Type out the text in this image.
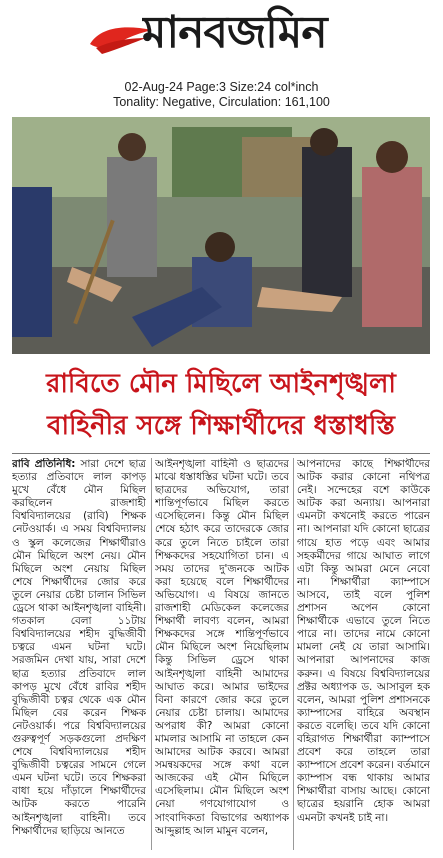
মানবজমিন
02-Aug-24 Page:3 Size:24 col*inch
Tonality: Negative, Circulation: 161,100
রাবিতে মৌন মিছিলে আইনশৃঙ্খলা
বাহিনীর সঙ্গে শিক্ষার্থীদের ধস্তাধস্তি
রাবি প্রতিনিধি: সারা দেশে ছাত্র হত্যার প্রতিবাদে লাল কাপড় মুখে বেঁধে মৌন মিছিল করছিলেন রাজশাহী বিশ্ববিদ্যালয়ের (রাবি) শিক্ষক নেটওয়ার্ক। এ সময় বিশ্ববিদ্যালয় ও স্কুল কলেজের শিক্ষার্থীরাও মৌন মিছিলে অংশ নেয়। মৌন মিছিলে অংশ নেয়ায় মিছিল শেষে শিক্ষার্থীদের জোর করে তুলে নেয়ার চেষ্টা চালান সিভিল ড্রেসে থাকা আইনশৃঙ্খলা বাহিনী। গতকাল বেলা ১১টায় বিশ্ববিদ্যালয়ের শহীদ বুদ্ধিজীবী চত্বরে এমন ঘটনা ঘটে। সরজমিন দেখা যায়, সারা দেশে ছাত্র হত্যার প্রতিবাদে লাল কাপড় মুখে বেঁধে রাবির শহীদ বুদ্ধিজীবী চত্বর থেকে এক মৌন মিছিল বের করেন শিক্ষক নেটওয়ার্ক। পরে বিশ্ববিদ্যালয়ের গুরুত্বপূর্ণ সড়কগুলো প্রদক্ষিণ শেষে বিশ্ববিদ্যালয়ের শহীদ বুদ্ধিজীবী চত্বরের সামনে গেলে এমন ঘটনা ঘটে। তবে শিক্ষকরা বাধা হয়ে দাঁড়ালে শিক্ষার্থীদের আটক করতে পারেনি আইনশৃঙ্খলা বাহিনী। তবে শিক্ষার্থীদের ছাড়িয়ে আনতে
আইনশৃঙ্খলা বাহিনী ও ছাত্রদের মাঝে ধস্তাধস্তির ঘটনা ঘটে। তবে ছাত্রদের অভিযোগ, তারা শান্তিপূর্ণভাবে মিছিল করতে এসেছিলেন। কিন্তু মৌন মিছিল শেষে হঠাৎ করে তাদেরকে জোর করে তুলে নিতে চাইলে তারা শিক্ষকদের সহযোগিতা চান। এ সময় তাদের দু'জনকে আটক করা হয়েছে বলে শিক্ষার্থীদের অভিযোগ। এ বিষয়ে জানতে রাজশাহী মেডিকেল কলেজের শিক্ষার্থী লাবণ্য বলেন, আমরা শিক্ষকদের সঙ্গে শান্তিপূর্ণভাবে মৌন মিছিলে অংশ নিয়েছিলাম কিন্তু সিভিল ড্রেসে থাকা আইনশৃঙ্খলা বাহিনী আমাদের আঘাত করে। আমার ভাইদের বিনা কারণে জোর করে তুলে নেয়ার চেষ্টা চালায়। আমাদের অপরাধ কী? আমরা কোনো মামলার আসামি না তাহলে কেন আমাদের আটক করবে। আমরা সমন্বয়কদের সঙ্গে কথা বলে আজকের এই মৌন মিছিলে এসেছিলাম। মৌন মিছিলে অংশ নেয়া গণযোগাযোগ ও সাংবাদিকতা বিভাগের অধ্যাপক আব্দুল্লাহ আল মামুন বলেন,
আপনাদের কাছে শিক্ষার্থীদের আটক করার কোনো নথিপত্র নেই। সন্দেহের বশে কাউকে আটক করা অন্যায়। আপনারা এমনটা কখনোই করতে পারেন না। আপনারা যদি কোনো ছাত্রের গায়ে হাত পড়ে এবং আমার সহকর্মীদের গায়ে আঘাত লাগে এটা কিন্তু আমরা মেনে নেবো না। শিক্ষার্থীরা ক্যাম্পাসে আসবে, তাই বলে পুলিশ প্রশাসন অপেন কোনো শিক্ষার্থীকে এভাবে তুলে নিতে পারে না। তাদের নামে কোনো মামলা নেই যে তারা আসামি। আপনারা আপনাদের কাজ করুন। এ বিষয়ে বিশ্ববিদ্যালয়ের প্রক্টর অধ্যাপক ড. আসাবুল হক বলেন, আমরা পুলিশ প্রশাসনকে ক্যাম্পাসের বাহিরে অবস্থান করতে বলেছি। তবে যদি কোনো বহিরাগত শিক্ষার্থীরা ক্যাম্পাসে প্রবেশ করে তাহলে তারা ক্যাম্পাসে প্রবেশ করেন। বর্তমানে ক্যাম্পাস বন্ধ থাকায় আমার শিক্ষার্থীরা বাসায় আছে। কোনো ছাত্রের হয়রানি হোক আমরা এমনটা কখনই চাই না।
